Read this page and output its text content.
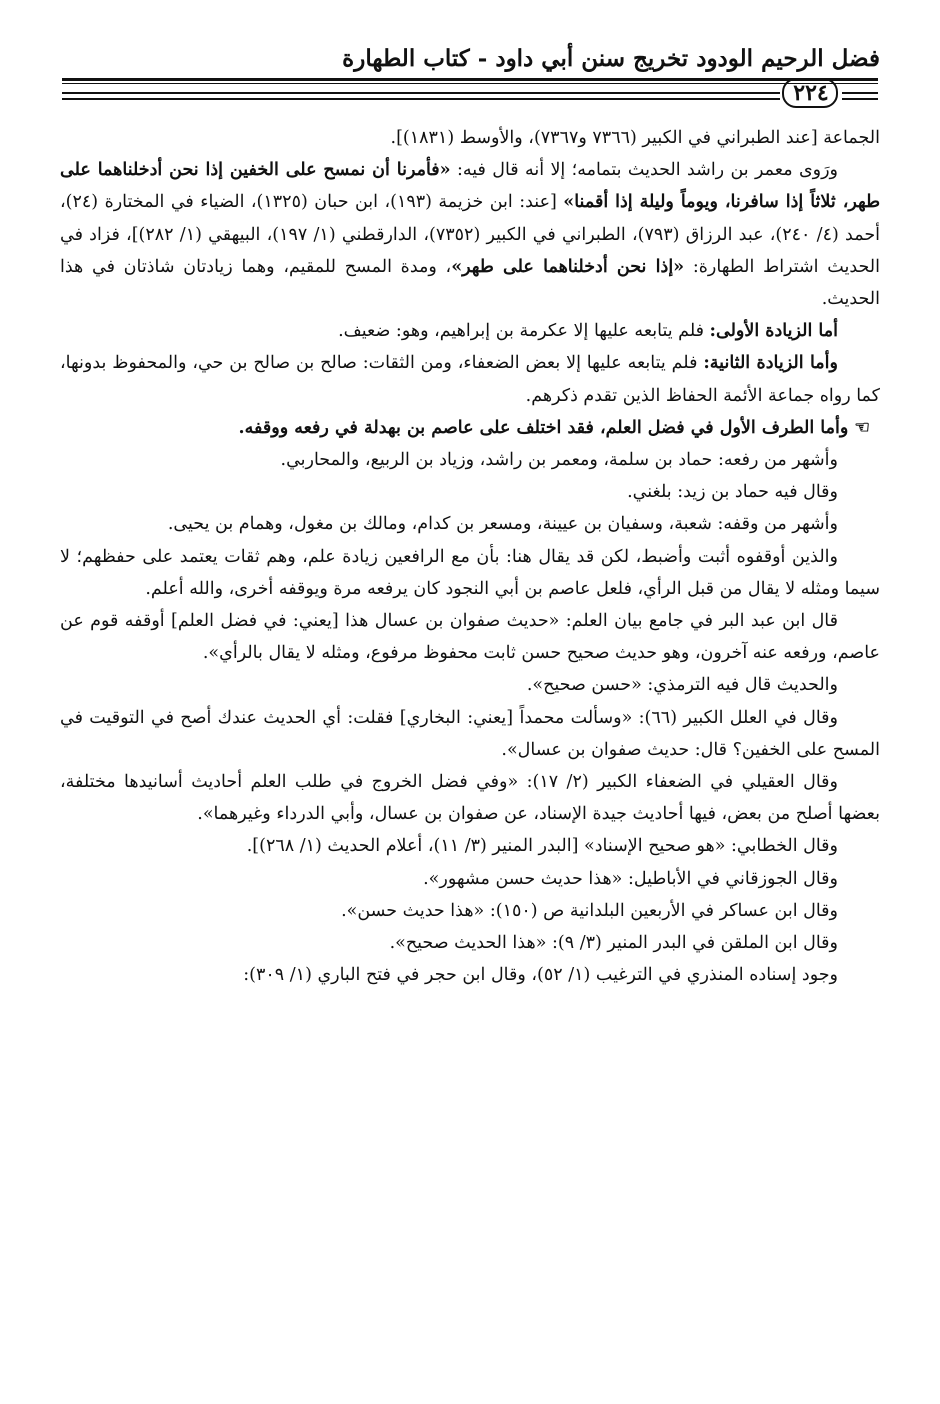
فضل الرحيم الودود تخريج سنن أبي داود - كتاب الطهارة
٢٢٤

الجماعة [عند الطبراني في الكبير (٧٣٦٦ و٧٣٦٧)، والأوسط (١٨٣١)].

ورَوى معمر بن راشد الحديث بتمامه؛ إلا أنه قال فيه: «فأمرنا أن نمسح على الخفين إذا نحن أدخلناهما على طهر، ثلاثاً إذا سافرنا، ويوماً وليلة إذا أقمنا» [عند: ابن خزيمة (١٩٣)، ابن حبان (١٣٢٥)، الضياء في المختارة (٢٤)، أحمد (٤/ ٢٤٠)، عبد الرزاق (٧٩٣)، الطبراني في الكبير (٧٣٥٢)، الدارقطني (١/ ١٩٧)، البيهقي (١/ ٢٨٢)]، فزاد في الحديث اشتراط الطهارة: «إذا نحن أدخلناهما على طهر»، ومدة المسح للمقيم، وهما زيادتان شاذتان في هذا الحديث.

أما الزيادة الأولى: فلم يتابعه عليها إلا عكرمة بن إبراهيم، وهو: ضعيف.

وأما الزيادة الثانية: فلم يتابعه عليها إلا بعض الضعفاء، ومن الثقات: صالح بن صالح بن حي، والمحفوظ بدونها، كما رواه جماعة الأئمة الحفاظ الذين تقدم ذكرهم.

☜وأما الطرف الأول في فضل العلم، فقد اختلف على عاصم بن بهدلة في رفعه ووقفه.

وأشهر من رفعه: حماد بن سلمة، ومعمر بن راشد، وزياد بن الربيع، والمحاربي.

وقال فيه حماد بن زيد: بلغني.

وأشهر من وقفه: شعبة، وسفيان بن عيينة، ومسعر بن كدام، ومالك بن مغول، وهمام بن يحيى.

والذين أوقفوه أثبت وأضبط، لكن قد يقال هنا: بأن مع الرافعين زيادة علم، وهم ثقات يعتمد على حفظهم؛ لا سيما ومثله لا يقال من قبل الرأي، فلعل عاصم بن أبي النجود كان يرفعه مرة ويوقفه أخرى، والله أعلم.

قال ابن عبد البر في جامع بيان العلم: «حديث صفوان بن عسال هذا [يعني: في فضل العلم] أوقفه قوم عن عاصم، ورفعه عنه آخرون، وهو حديث صحيح حسن ثابت محفوظ مرفوع، ومثله لا يقال بالرأي».

والحديث قال فيه الترمذي: «حسن صحيح».

وقال في العلل الكبير (٦٦): «وسألت محمداً [يعني: البخاري] فقلت: أي الحديث عندك أصح في التوقيت في المسح على الخفين؟ قال: حديث صفوان بن عسال».

وقال العقيلي في الضعفاء الكبير (٢/ ١٧): «وفي فضل الخروج في طلب العلم أحاديث أسانيدها مختلفة، بعضها أصلح من بعض، فيها أحاديث جيدة الإسناد، عن صفوان بن عسال، وأبي الدرداء وغيرهما».

وقال الخطابي: «هو صحيح الإسناد» [البدر المنير (٣/ ١١)، أعلام الحديث (١/ ٢٦٨)].

وقال الجوزقاني في الأباطيل: «هذا حديث حسن مشهور».

وقال ابن عساكر في الأربعين البلدانية ص (١٥٠): «هذا حديث حسن».

وقال ابن الملقن في البدر المنير (٣/ ٩): «هذا الحديث صحيح».

وجود إسناده المنذري في الترغيب (١/ ٥٢)، وقال ابن حجر في فتح الباري (١/ ٣٠٩):
